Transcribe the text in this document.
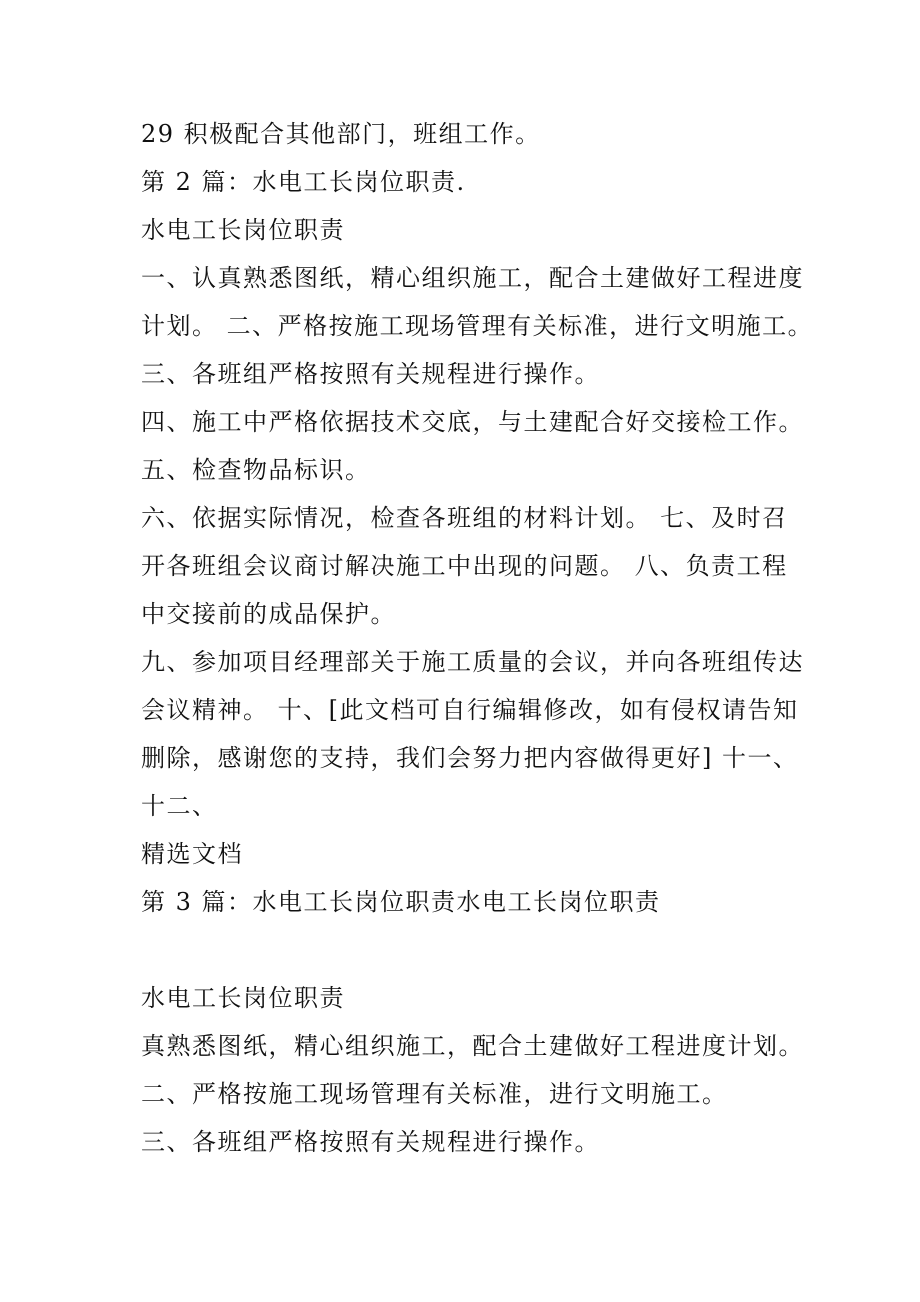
29 积极配合其他部门，班组工作。
第 2 篇：水电工长岗位职责.
水电工长岗位职责
一、认真熟悉图纸，精心组织施工，配合土建做好工程进度
计划。 二、严格按施工现场管理有关标准，进行文明施工。
三、各班组严格按照有关规程进行操作。
四、施工中严格依据技术交底，与土建配合好交接检工作。
五、检查物品标识。
六、依据实际情况，检查各班组的材料计划。 七、及时召
开各班组会议商讨解决施工中出现的问题。 八、负责工程
中交接前的成品保护。
九、参加项目经理部关于施工质量的会议，并向各班组传达
会议精神。 十、[此文档可自行编辑修改，如有侵权请告知
删除，感谢您的支持，我们会努力把内容做得更好] 十一、
十二、
精选文档
第 3 篇：水电工长岗位职责水电工长岗位职责
水电工长岗位职责
真熟悉图纸，精心组织施工，配合土建做好工程进度计划。
二、严格按施工现场管理有关标准，进行文明施工。
三、各班组严格按照有关规程进行操作。
